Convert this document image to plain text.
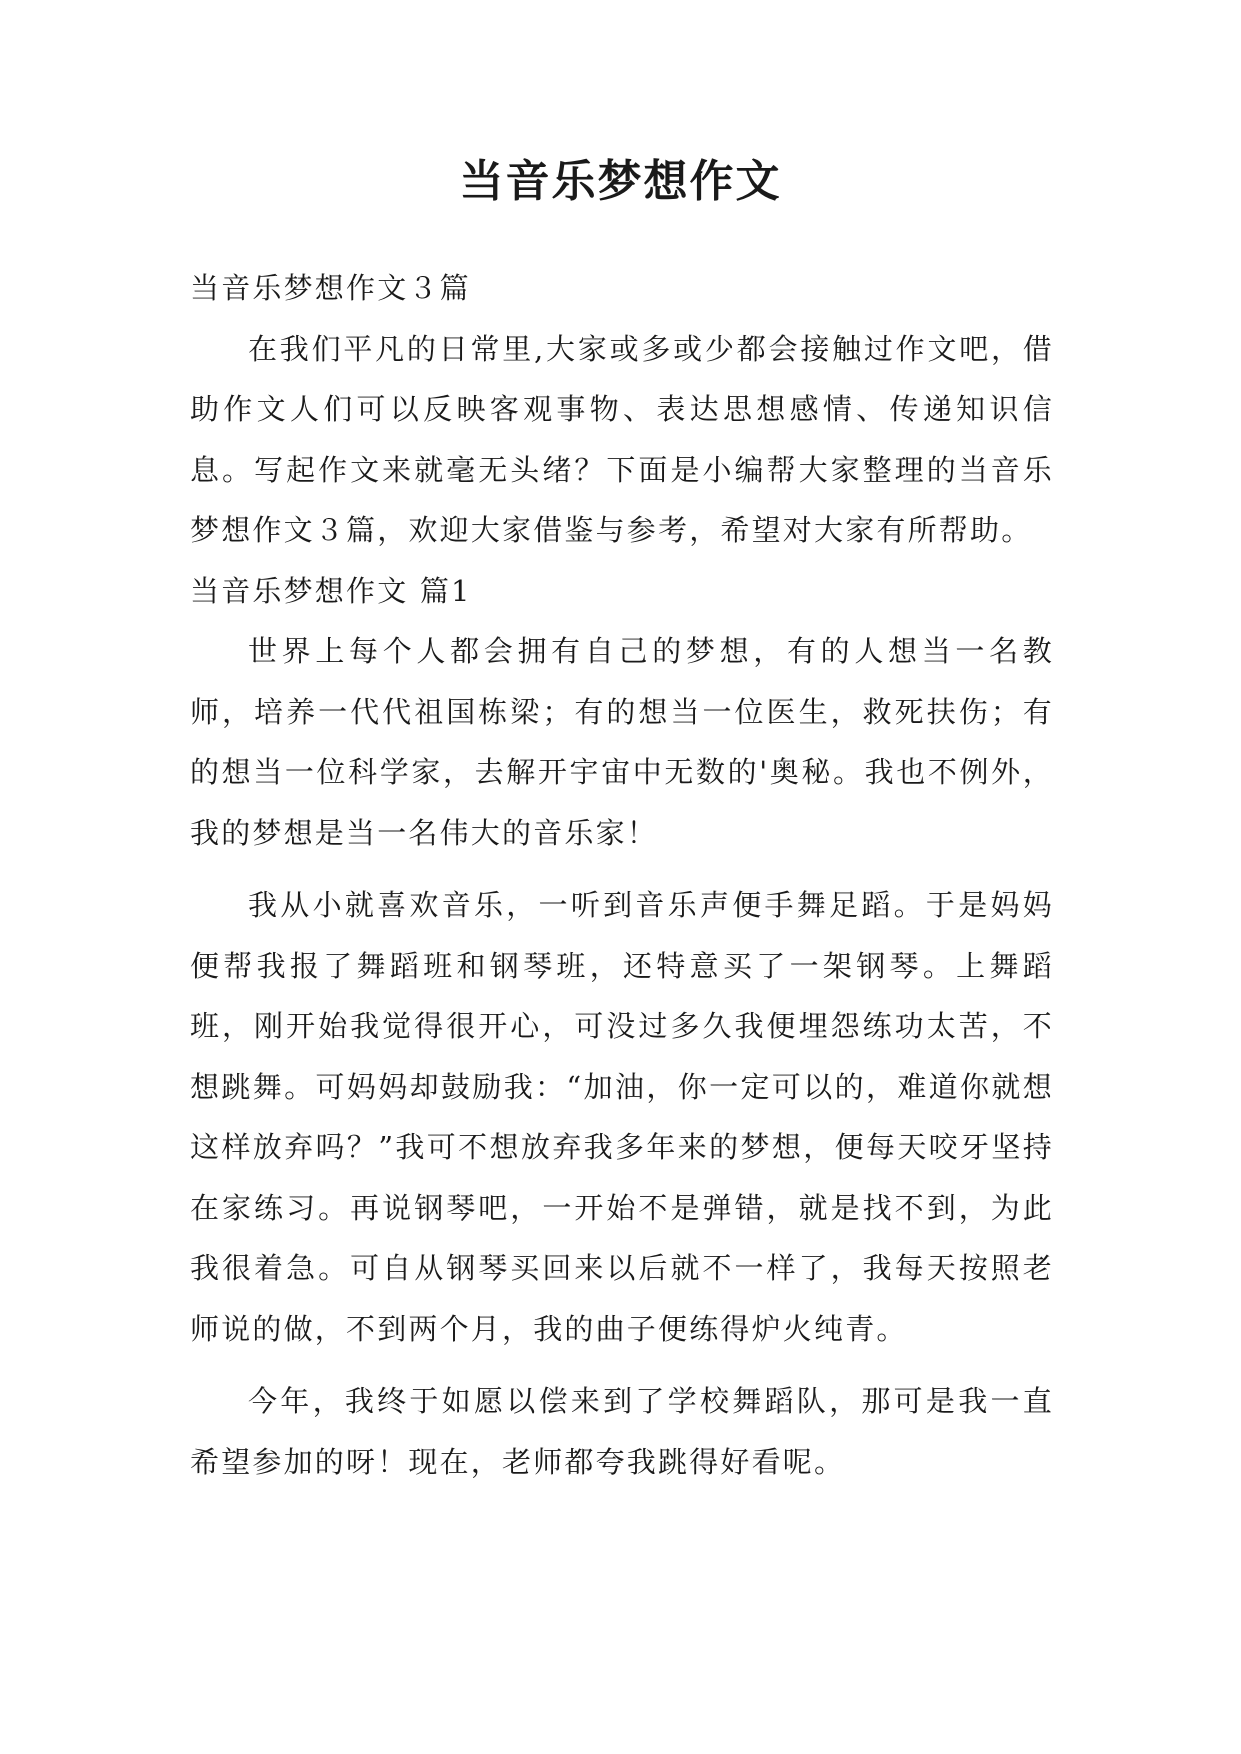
当音乐梦想作文

当音乐梦想作文３篇

在我们平凡的日常里,大家或多或少都会接触过作文吧，借助作文人们可以反映客观事物、表达思想感情、传递知识信息。写起作文来就毫无头绪？下面是小编帮大家整理的当音乐梦想作文３篇，欢迎大家借鉴与参考，希望对大家有所帮助。

当音乐梦想作文 篇1

世界上每个人都会拥有自己的梦想，有的人想当一名教师，培养一代代祖国栋梁；有的想当一位医生，救死扶伤；有的想当一位科学家，去解开宇宙中无数的'奥秘。我也不例外，我的梦想是当一名伟大的音乐家！

我从小就喜欢音乐，一听到音乐声便手舞足蹈。于是妈妈便帮我报了舞蹈班和钢琴班，还特意买了一架钢琴。上舞蹈班，刚开始我觉得很开心，可没过多久我便埋怨练功太苦，不想跳舞。可妈妈却鼓励我：“加油，你一定可以的，难道你就想这样放弃吗？”我可不想放弃我多年来的梦想，便每天咬牙坚持在家练习。再说钢琴吧，一开始不是弹错，就是找不到，为此我很着急。可自从钢琴买回来以后就不一样了，我每天按照老师说的做，不到两个月，我的曲子便练得炉火纯青。

今年，我终于如愿以偿来到了学校舞蹈队，那可是我一直希望参加的呀！现在，老师都夸我跳得好看呢。
